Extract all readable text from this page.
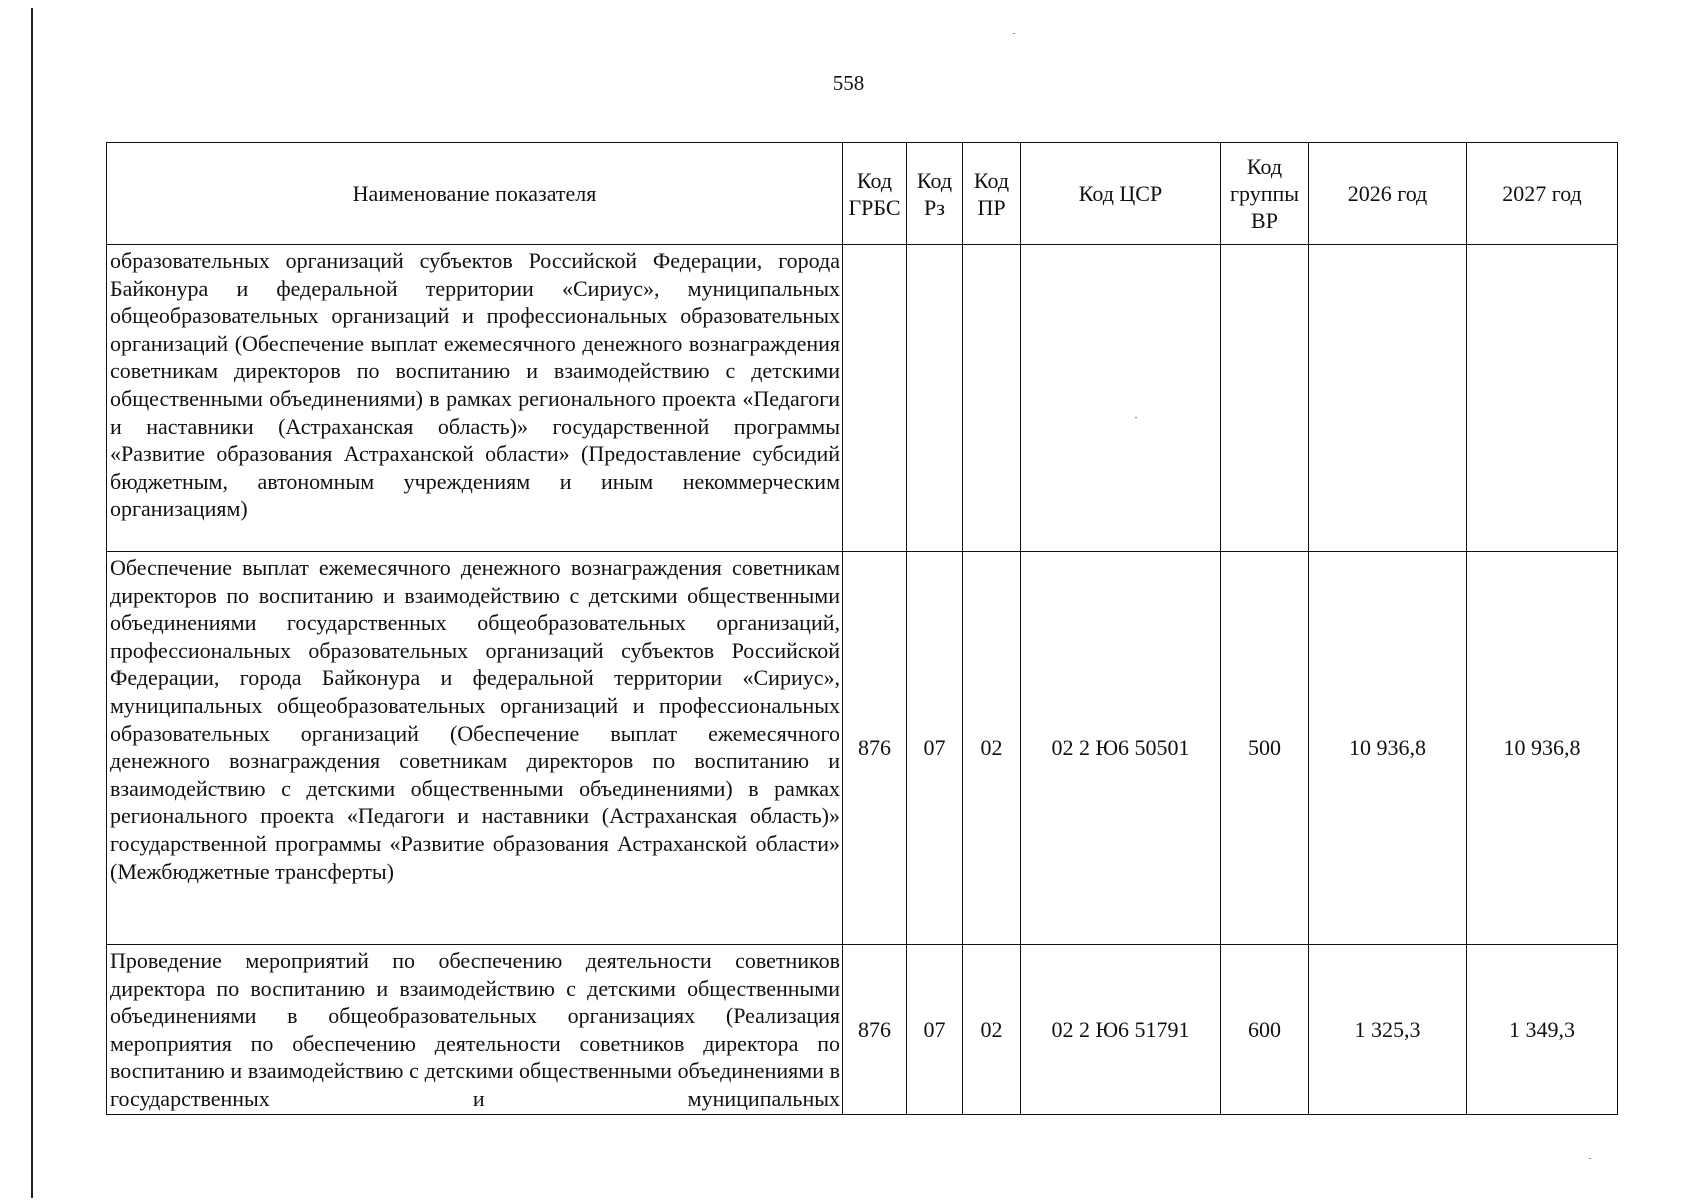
558
Наименование показателя	Код ГРБС	Код Рз	Код ПР	Код ЦСР	Код группы ВР	2026 год	2027 год

образовательных организаций субъектов Российской Федерации, города Байконура и федеральной территории «Сириус», муниципальных общеобразовательных организаций и профессиональных образовательных организаций (Обеспечение выплат ежемесячного денежного вознаграждения советникам директоров по воспитанию и взаимодействию с детскими общественными объединениями) в рамках регионального проекта «Педагоги и наставники (Астраханская область)» государственной программы «Развитие образования Астраханской области» (Предоставление субсидий бюджетным, автономным учреждениям и иным некоммерческим организациям)							

Обеспечение выплат ежемесячного денежного вознаграждения советникам директоров по воспитанию и взаимодействию с детскими общественными объединениями государственных общеобразовательных организаций, профессиональных образовательных организаций субъектов Российской Федерации, города Байконура и федеральной территории «Сириус», муниципальных общеобразовательных организаций и профессиональных образовательных организаций (Обеспечение выплат ежемесячного денежного вознаграждения советникам директоров по воспитанию и взаимодействию с детскими общественными объединениями) в рамках регионального проекта «Педагоги и наставники (Астраханская область)» государственной программы «Развитие образования Астраханской области» (Межбюджетные трансферты)	876	07	02	02 2 Ю6 50501	500	10 936,8	10 936,8

Проведение мероприятий по обеспечению деятельности советников директора по воспитанию и взаимодействию с детскими общественными объединениями в общеобразовательных организациях (Реализация мероприятия по обеспечению деятельности советников директора по воспитанию и взаимодействию с детскими общественными объединениями в государственных и муниципальных	876	07	02	02 2 Ю6 51791	600	1 325,3	1 349,3
